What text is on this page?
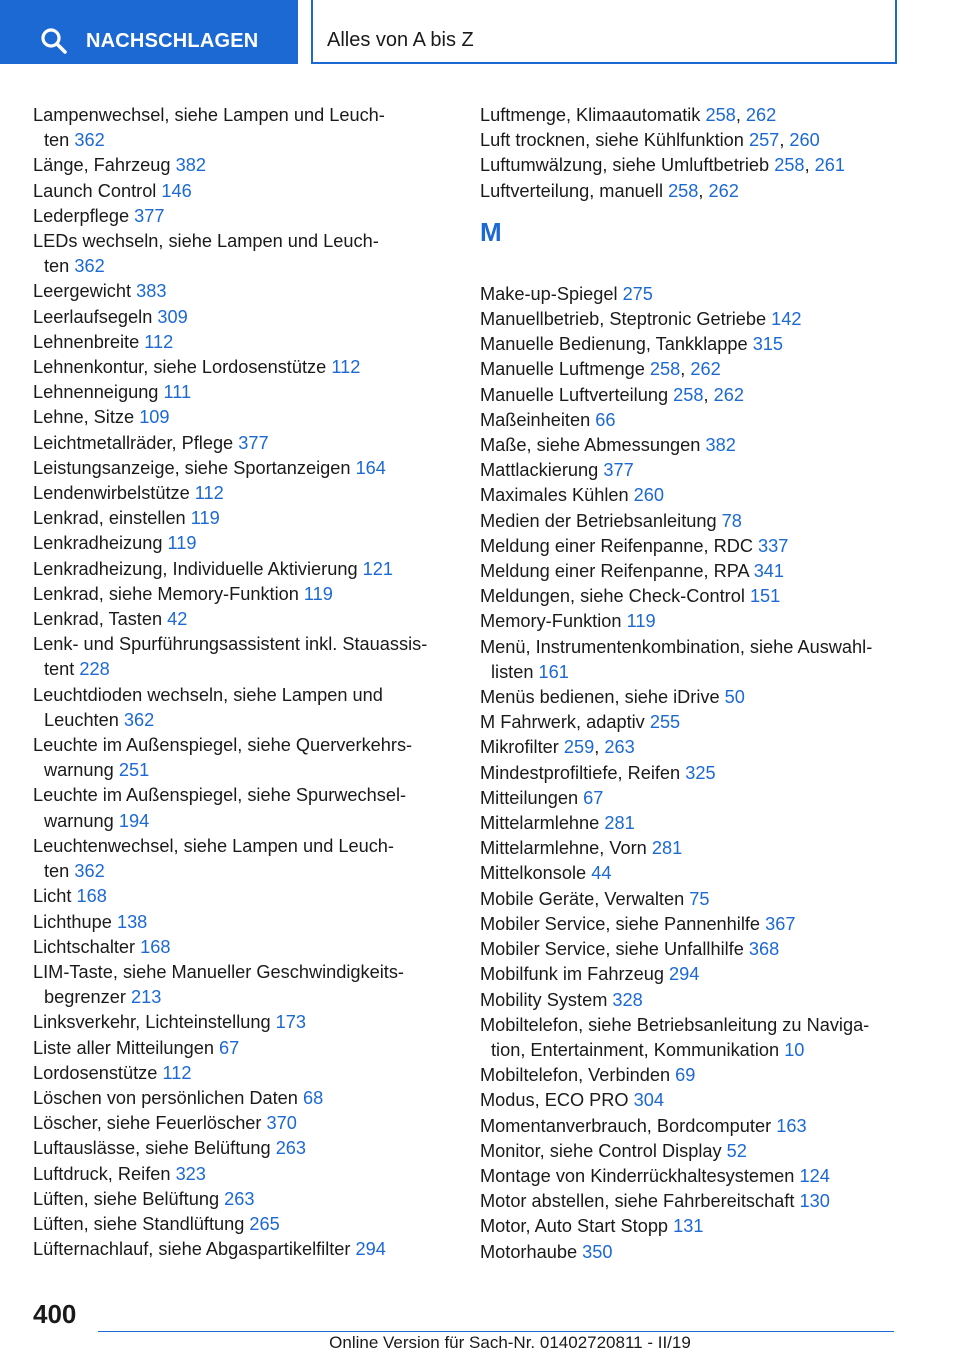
NACHSCHLAGEN	Alles von A bis Z
Lampenwechsel, siehe Lampen und Leuch-
ten 362
Länge, Fahrzeug 382
Launch Control 146
Lederpflege 377
LEDs wechseln, siehe Lampen und Leuch-
ten 362
Leergewicht 383
Leerlaufsegeln 309
Lehnenbreite 112
Lehnenkontur, siehe Lordosenstütze 112
Lehnenneigung 111
Lehne, Sitze 109
Leichtmetallräder, Pflege 377
Leistungsanzeige, siehe Sportanzeigen 164
Lendenwirbelstütze 112
Lenkrad, einstellen 119
Lenkradheizung 119
Lenkradheizung, Individuelle Aktivierung 121
Lenkrad, siehe Memory-Funktion 119
Lenkrad, Tasten 42
Lenk- und Spurführungsassistent inkl. Stauassis-
tent 228
Leuchtdioden wechseln, siehe Lampen und
Leuchten 362
Leuchte im Außenspiegel, siehe Querverkehrs-
warnung 251
Leuchte im Außenspiegel, siehe Spurwechsel-
warnung 194
Leuchtenwechsel, siehe Lampen und Leuch-
ten 362
Licht 168
Lichthupe 138
Lichtschalter 168
LIM-Taste, siehe Manueller Geschwindigkeits-
begrenzer 213
Linksverkehr, Lichteinstellung 173
Liste aller Mitteilungen 67
Lordosenstütze 112
Löschen von persönlichen Daten 68
Löscher, siehe Feuerlöscher 370
Luftauslässe, siehe Belüftung 263
Luftdruck, Reifen 323
Lüften, siehe Belüftung 263
Lüften, siehe Standlüftung 265
Lüfternachlauf, siehe Abgaspartikelfilter 294
Luftmenge, Klimaautomatik 258, 262
Luft trocknen, siehe Kühlfunktion 257, 260
Luftumwälzung, siehe Umluftbetrieb 258, 261
Luftverteilung, manuell 258, 262
M
Make-up-Spiegel 275
Manuellbetrieb, Steptronic Getriebe 142
Manuelle Bedienung, Tankklappe 315
Manuelle Luftmenge 258, 262
Manuelle Luftverteilung 258, 262
Maßeinheiten 66
Maße, siehe Abmessungen 382
Mattlackierung 377
Maximales Kühlen 260
Medien der Betriebsanleitung 78
Meldung einer Reifenpanne, RDC 337
Meldung einer Reifenpanne, RPA 341
Meldungen, siehe Check-Control 151
Memory-Funktion 119
Menü, Instrumentenkombination, siehe Auswahl-
listen 161
Menüs bedienen, siehe iDrive 50
M Fahrwerk, adaptiv 255
Mikrofilter 259, 263
Mindestprofiltiefe, Reifen 325
Mitteilungen 67
Mittelarmlehne 281
Mittelarmlehne, Vorn 281
Mittelkonsole 44
Mobile Geräte, Verwalten 75
Mobiler Service, siehe Pannenhilfe 367
Mobiler Service, siehe Unfallhilfe 368
Mobilfunk im Fahrzeug 294
Mobility System 328
Mobiltelefon, siehe Betriebsanleitung zu Naviga-
tion, Entertainment, Kommunikation 10
Mobiltelefon, Verbinden 69
Modus, ECO PRO 304
Momentanverbrauch, Bordcomputer 163
Monitor, siehe Control Display 52
Montage von Kinderrückhaltesystemen 124
Motor abstellen, siehe Fahrbereitschaft 130
Motor, Auto Start Stopp 131
Motorhaube 350
400
Online Version für Sach-Nr. 01402720811 - II/19
